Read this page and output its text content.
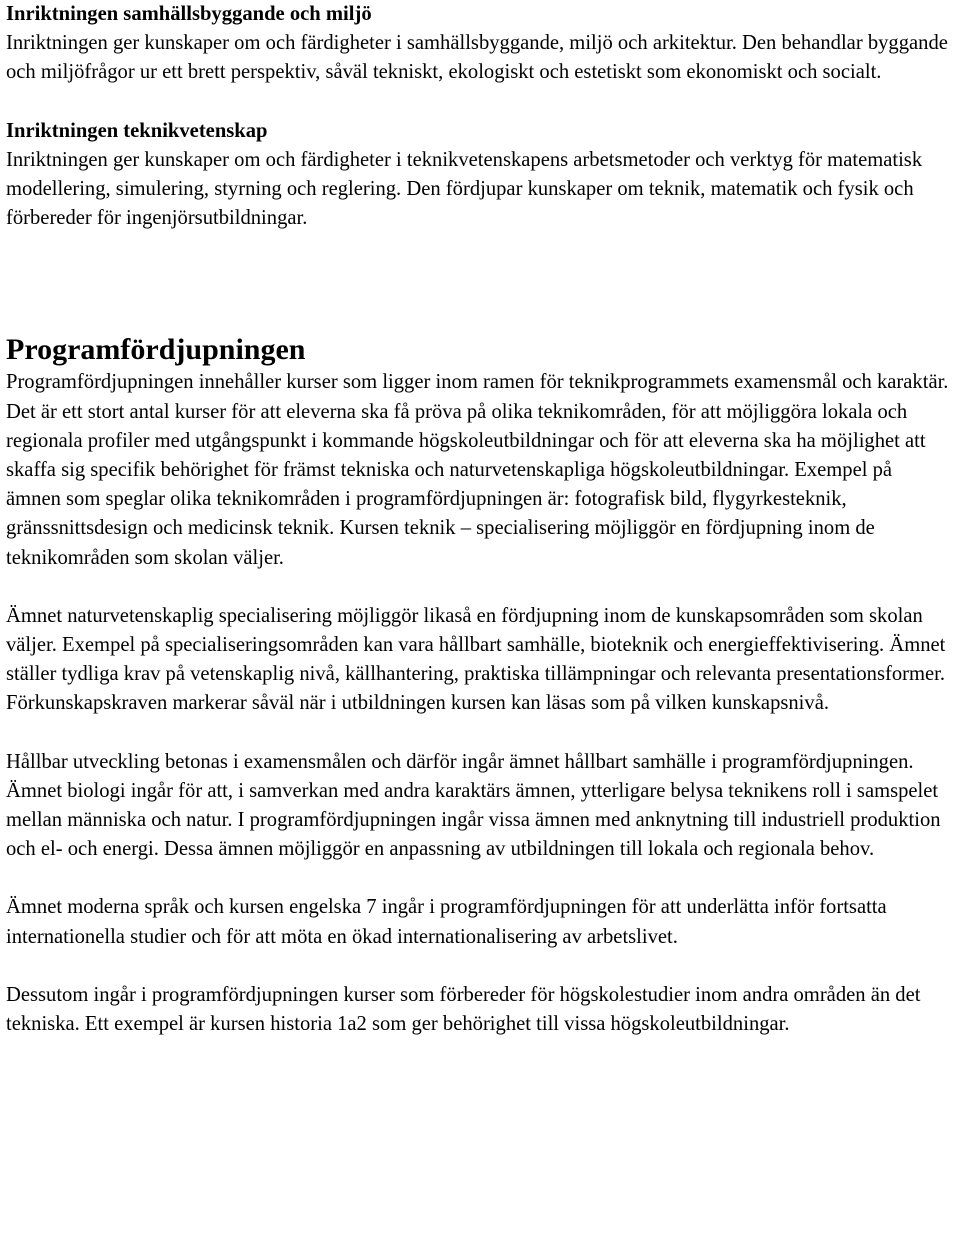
Inriktningen samhällsbyggande och miljö

Inriktningen ger kunskaper om och färdigheter i samhällsbyggande, miljö och arkitektur. Den behandlar byggande och miljöfrågor ur ett brett perspektiv, såväl tekniskt, ekologiskt och estetiskt som ekonomiskt och socialt.

Inriktningen teknikvetenskap

Inriktningen ger kunskaper om och färdigheter i teknikvetenskapens arbetsmetoder och verktyg för matematisk modellering, simulering, styrning och reglering. Den fördjupar kunskaper om teknik, matematik och fysik och förbereder för ingenjörsutbildningar.

Programfördjupningen

Programfördjupningen innehåller kurser som ligger inom ramen för teknikprogrammets examensmål och karaktär. Det är ett stort antal kurser för att eleverna ska få pröva på olika teknikområden, för att möjliggöra lokala och regionala profiler med utgångspunkt i kommande högskoleutbildningar och för att eleverna ska ha möjlighet att skaffa sig specifik behörighet för främst tekniska och naturvetenskapliga högskoleutbildningar. Exempel på ämnen som speglar olika teknikområden i programfördjupningen är: fotografisk bild, flygyrkesteknik, gränssnittsdesign och medicinsk teknik. Kursen teknik – specialisering möjliggör en fördjupning inom de teknikområden som skolan väljer.

Ämnet naturvetenskaplig specialisering möjliggör likaså en fördjupning inom de kunskapsområden som skolan väljer. Exempel på specialiseringsområden kan vara hållbart samhälle, bioteknik och energieffektivisering. Ämnet ställer tydliga krav på vetenskaplig nivå, källhantering, praktiska tillämpningar och relevanta presentationsformer. Förkunskapskraven markerar såväl när i utbildningen kursen kan läsas som på vilken kunskapsnivå.

Hållbar utveckling betonas i examensmålen och därför ingår ämnet hållbart samhälle i programfördjupningen. Ämnet biologi ingår för att, i samverkan med andra karaktärs ämnen, ytterligare belysa teknikens roll i samspelet mellan människa och natur. I programfördjupningen ingår vissa ämnen med anknytning till industriell produktion och el- och energi. Dessa ämnen möjliggör en anpassning av utbildningen till lokala och regionala behov.

Ämnet moderna språk och kursen engelska 7 ingår i programfördjupningen för att underlätta inför fortsatta internationella studier och för att möta en ökad internationalisering av arbetslivet.

Dessutom ingår i programfördjupningen kurser som förbereder för högskolestudier inom andra områden än det tekniska. Ett exempel är kursen historia 1a2 som ger behörighet till vissa högskoleutbildningar.
